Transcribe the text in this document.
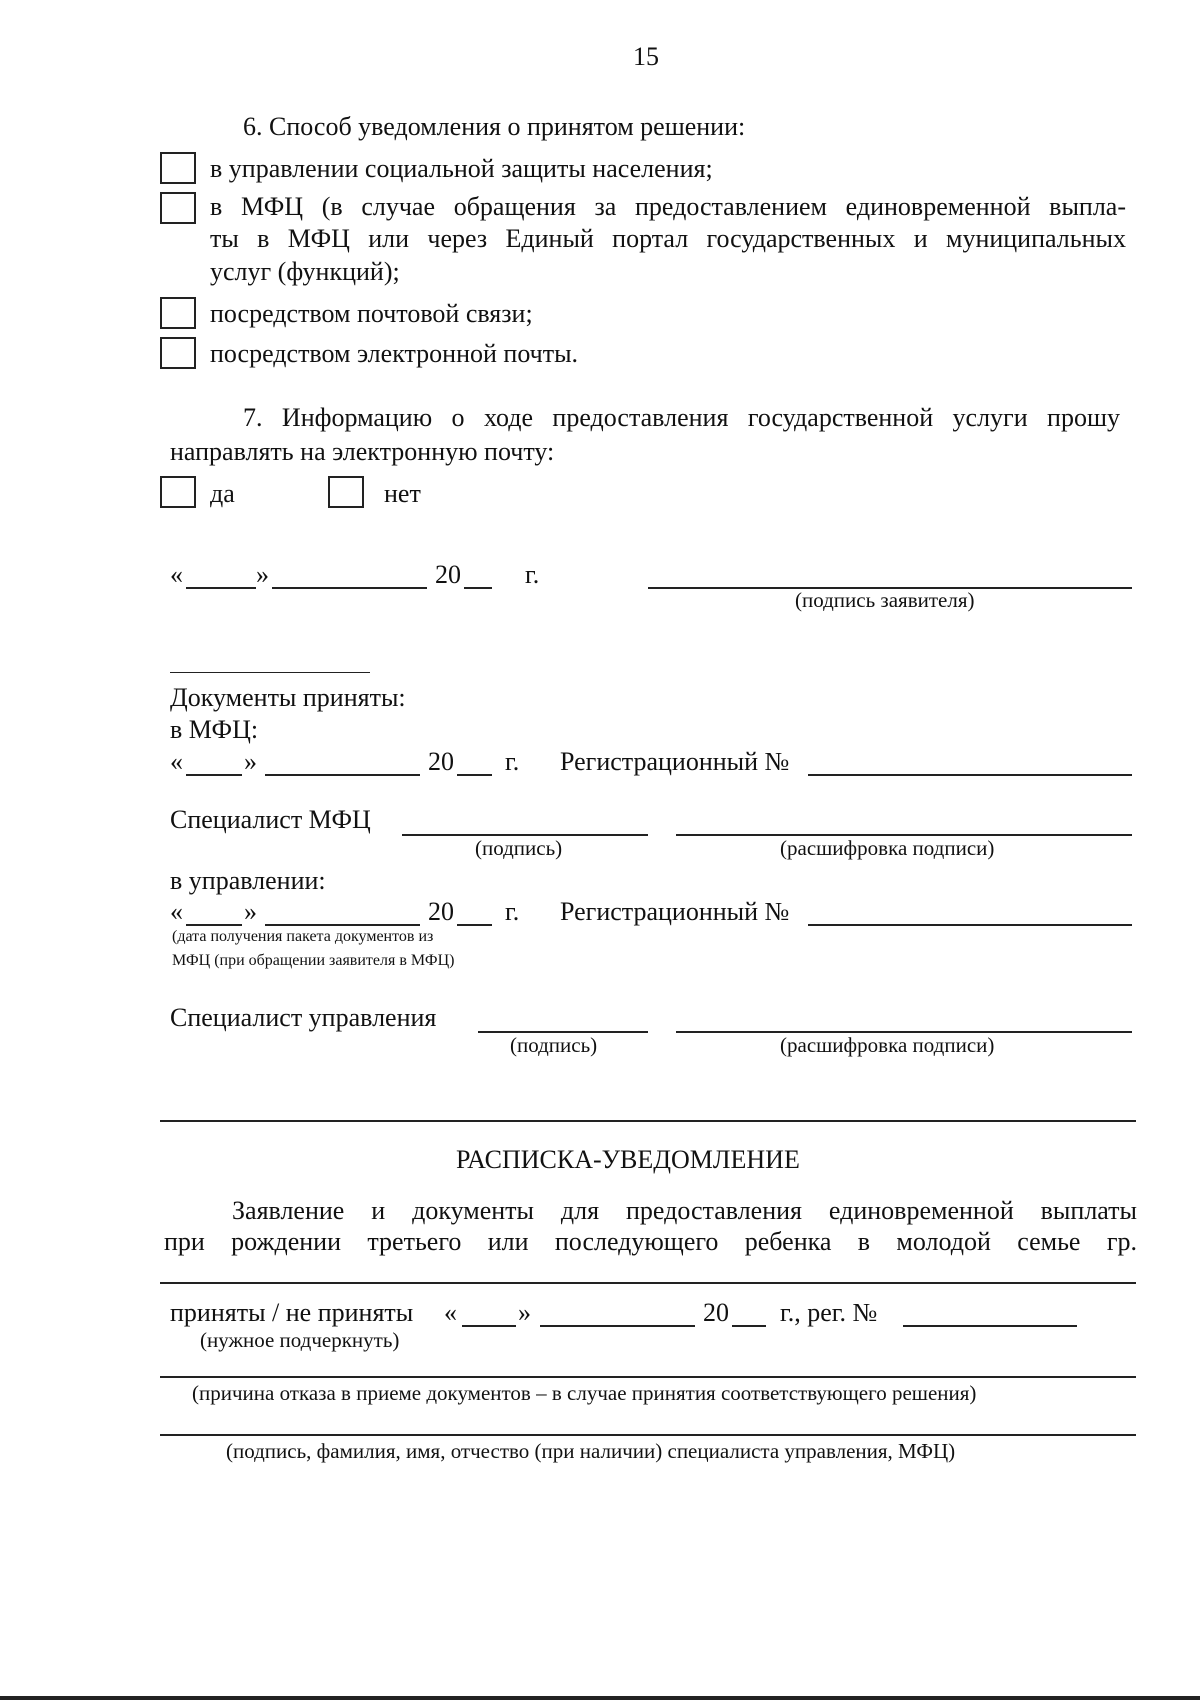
15
6. Способ уведомления о принятом решении:
в управлении социальной защиты населения;
в МФЦ (в случае обращения за предоставлением единовременной выпла-
ты в МФЦ или через Единый портал государственных и муниципальных
услуг (функций);
посредством почтовой связи;
посредством электронной почты.
7. Информацию о ходе предоставления государственной услуги прошу
направлять на электронную почту:
да	нет
«	»	20 г.
(подпись заявителя)
Документы приняты:
в МФЦ:
« »	20 г. Регистрационный №
Специалист МФЦ
(подпись)	(расшифровка подписи)
в управлении:
« »	20 г. Регистрационный №
(дата получения пакета документов из
МФЦ (при обращении заявителя в МФЦ)
Специалист управления
(подпись)	(расшифровка подписи)
РАСПИСКА-УВЕДОМЛЕНИЕ
Заявление и документы для предоставления единовременной выплаты
при рождении третьего или последующего ребенка в молодой семье гр.
приняты / не приняты « »	20 г., рег. №
(нужное подчеркнуть)
(причина отказа в приеме документов – в случае принятия соответствующего решения)
(подпись, фамилия, имя, отчество (при наличии) специалиста управления, МФЦ)
